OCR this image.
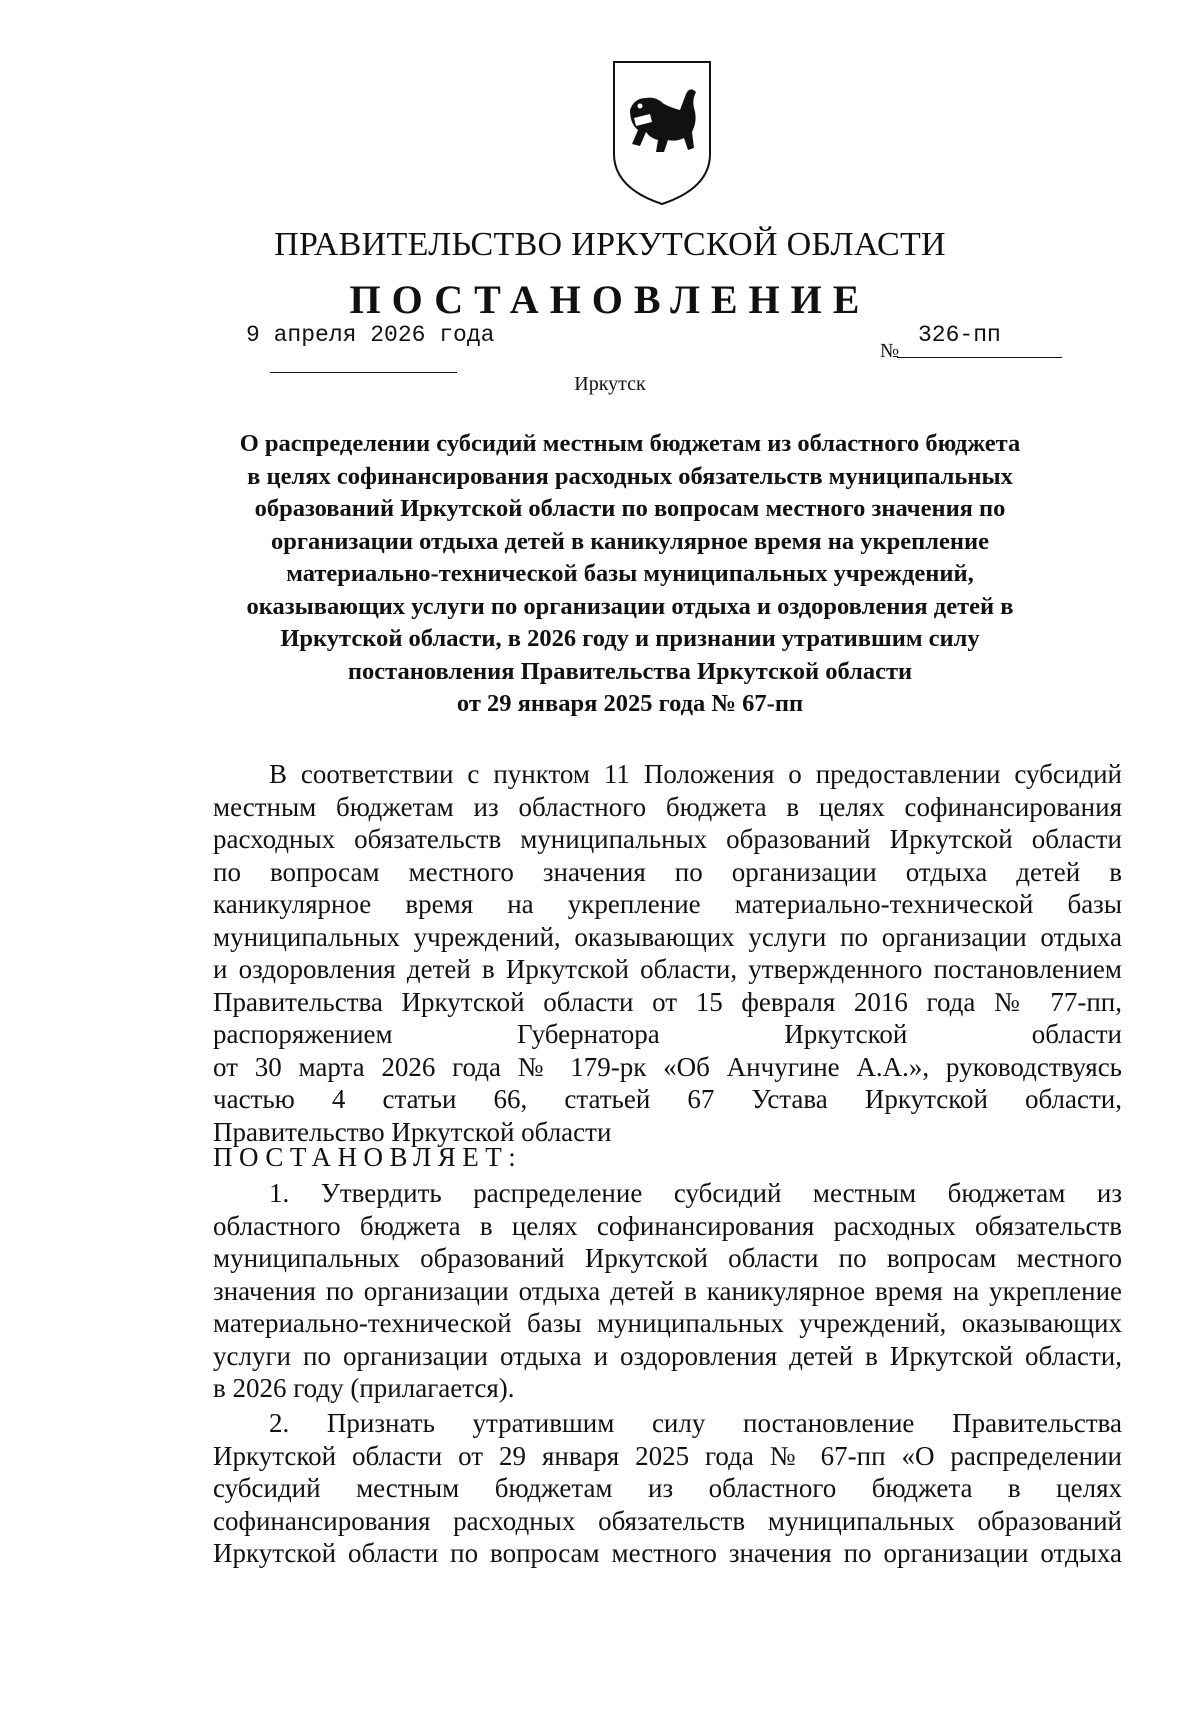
ПРАВИТЕЛЬСТВО ИРКУТСКОЙ ОБЛАСТИ
ПОСТАНОВЛЕНИЕ
9 апреля 2026 года
№
326-пп
Иркутск

О распределении субсидий местным бюджетам из областного бюджета
в целях софинансирования расходных обязательств муниципальных
образований Иркутской области по вопросам местного значения по
организации отдыха детей в каникулярное время на укрепление
материально-технической базы муниципальных учреждений,
оказывающих услуги по организации отдыха и оздоровления детей в
Иркутской области, в 2026 году и признании утратившим силу
постановления Правительства Иркутской области
от 29 января 2025 года № 67-пп

В соответствии с пунктом 11 Положения о предоставлении субсидий
местным бюджетам из областного бюджета в целях софинансирования
расходных обязательств муниципальных образований Иркутской области
по вопросам местного значения по организации отдыха детей в
каникулярное время на укрепление материально-технической базы
муниципальных учреждений, оказывающих услуги по организации отдыха
и оздоровления детей в Иркутской области, утвержденного постановлением
Правительства Иркутской области от 15 февраля 2016 года № 77-пп,
распоряжением Губернатора Иркутской области
от 30 марта 2026 года № 179-рк «Об Анчугине А.А.», руководствуясь
частью 4 статьи 66, статьей 67 Устава Иркутской области,
Правительство Иркутской области

ПОСТАНОВЛЯЕТ:

1. Утвердить распределение субсидий местным бюджетам из
областного бюджета в целях софинансирования расходных обязательств
муниципальных образований Иркутской области по вопросам местного
значения по организации отдыха детей в каникулярное время на укрепление
материально-технической базы муниципальных учреждений, оказывающих
услуги по организации отдыха и оздоровления детей в Иркутской области,
в 2026 году (прилагается).

2. Признать утратившим силу постановление Правительства
Иркутской области от 29 января 2025 года № 67-пп «О распределении
субсидий местным бюджетам из областного бюджета в целях
софинансирования расходных обязательств муниципальных образований
Иркутской области по вопросам местного значения по организации отдыха
